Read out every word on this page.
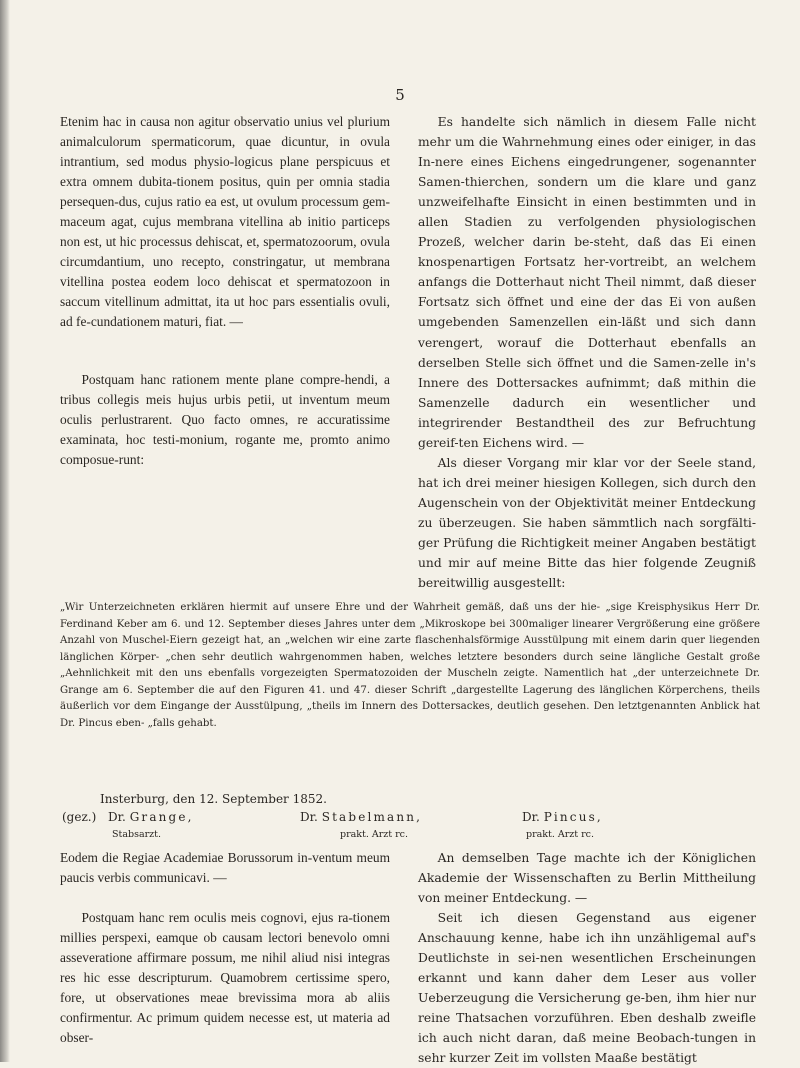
5

Etenim hac in causa non agitur observatio unius vel plurium animalculorum spermaticorum, quae dicuntur, in ovula intrantium, sed modus physio-logicus plane perspicuus et extra omnem dubita-tionem positus, quin per omnia stadia persequen-dus, cujus ratio ea est, ut ovulum processum gem-maceum agat, cujus membrana vitellina ab initio particeps non est, ut hic processus dehiscat, et, spermatozoorum, ovula circumdantium, uno recepto, constringatur, ut membrana vitellina postea eodem loco dehiscat et spermatozoon in saccum vitellinum admittat, ita ut hoc pars essentialis ovuli, ad fe-cundationem maturi, fiat. —

Postquam hanc rationem mente plane compre-hendi, a tribus collegis meis hujus urbis petii, ut inventum meum oculis perlustrarent. Quo facto omnes, re accuratissime examinata, hoc testi-monium, rogante me, promto animo composue-runt:

Es handelte sich nämlich in diesem Falle nicht mehr um die Wahrnehmung eines oder einiger, in das In-nere eines Eichens eingedrungener, sogenannter Samen-thierchen, sondern um die klare und ganz unzweifelhafte Einsicht in einen bestimmten und in allen Stadien zu verfolgenden physiologischen Prozeß, welcher darin be-steht, daß das Ei einen knospenartigen Fortsatz her-vortreibt, an welchem anfangs die Dotterhaut nicht Theil nimmt, daß dieser Fortsatz sich öffnet und eine der das Ei von außen umgebenden Samenzellen ein-läßt und sich dann verengert, worauf die Dotterhaut ebenfalls an derselben Stelle sich öffnet und die Samen-zelle in's Innere des Dottersackes aufnimmt; daß mithin die Samenzelle dadurch ein wesentlicher und integrirender Bestandtheil des zur Befruchtung gereif-ten Eichens wird. —

Als dieser Vorgang mir klar vor der Seele stand, hat ich drei meiner hiesigen Kollegen, sich durch den Augenschein von der Objektivität meiner Entdeckung zu überzeugen. Sie haben sämmtlich nach sorgfälti-ger Prüfung die Richtigkeit meiner Angaben bestätigt und mir auf meine Bitte das hier folgende Zeugniß bereitwillig ausgestellt:

„Wir Unterzeichneten erklären hiermit auf unsere Ehre und der Wahrheit gemäß, daß uns der hie- „sige Kreisphysikus Herr Dr. Ferdinand Keber am 6. und 12. September dieses Jahres unter dem „Mikroskope bei 300maliger linearer Vergrößerung eine größere Anzahl von Muschel-Eiern gezeigt hat, an „welchen wir eine zarte flaschenhalsförmige Ausstülpung mit einem darin quer liegenden länglichen Körper- „chen sehr deutlich wahrgenommen haben, welches letztere besonders durch seine längliche Gestalt große „Aehnlichkeit mit den uns ebenfalls vorgezeigten Spermatozoiden der Muscheln zeigte. Namentlich hat „der unterzeichnete Dr. Grange am 6. September die auf den Figuren 41. und 47. dieser Schrift „dargestellte Lagerung des länglichen Körperchens, theils äußerlich vor dem Eingange der Ausstülpung, „theils im Innern des Dottersackes, deutlich gesehen. Den letztgenannten Anblick hat Dr. Pincus eben- „falls gehabt.

Insterburg, den 12. September 1852.
(gez.) Dr. Grange,
Stabsarzt.
Dr. Stabelmann,
prakt. Arzt rc.
Dr. Pincus,
prakt. Arzt rc.

Eodem die Regiae Academiae Borussorum in-ventum meum paucis verbis communicavi. —

Postquam hanc rem oculis meis cognovi, ejus ra-tionem millies perspexi, eamque ob causam lectori benevolo omni asseveratione affirmare possum, me nihil aliud nisi integras res hic esse descripturum. Quamobrem certissime spero, fore, ut observationes meae brevissima mora ab aliis confirmentur. Ac primum quidem necesse est, ut materia ad obser-

An demselben Tage machte ich der Königlichen Akademie der Wissenschaften zu Berlin Mittheilung von meiner Entdeckung. —

Seit ich diesen Gegenstand aus eigener Anschauung kenne, habe ich ihn unzähligemal auf's Deutlichste in sei-nen wesentlichen Erscheinungen erkannt und kann daher dem Leser aus voller Ueberzeugung die Versicherung ge-ben, ihm hier nur reine Thatsachen vorzuführen. Eben deshalb zweifle ich auch nicht daran, daß meine Beobach-tungen in sehr kurzer Zeit im vollsten Maaße bestätigt
